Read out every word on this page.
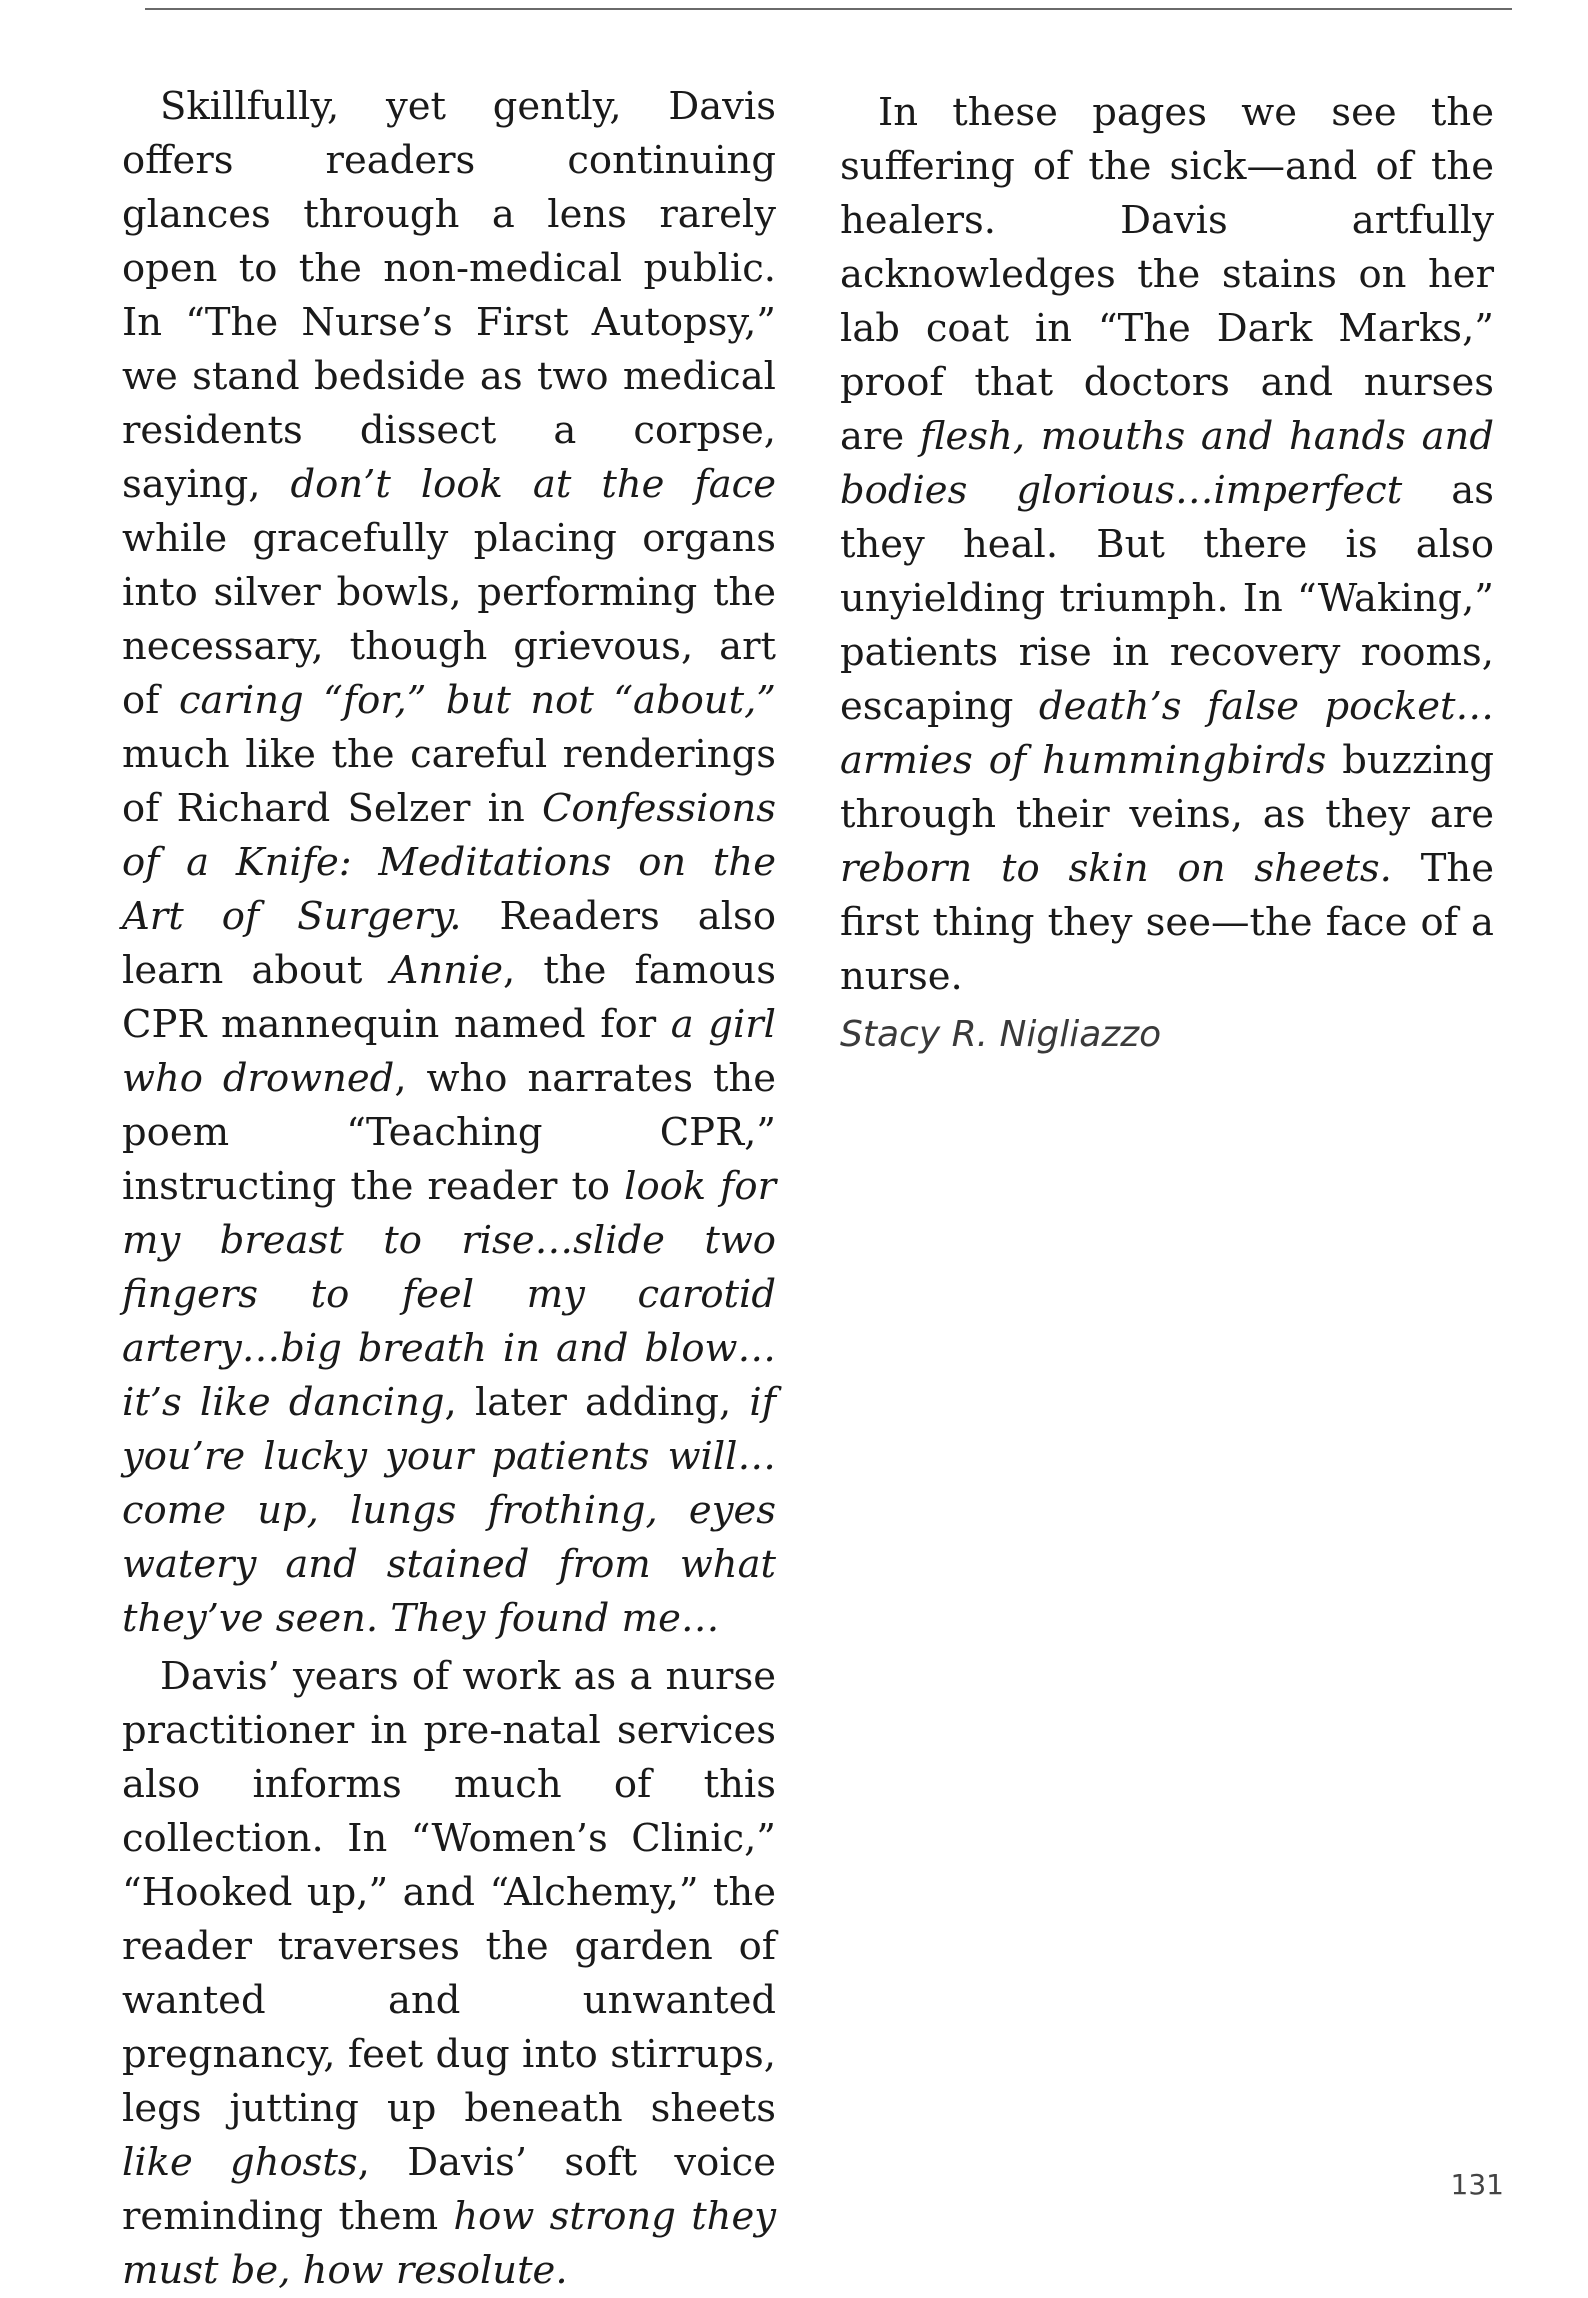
Skillfully, yet gently, Davis offers readers continuing glances through a lens rarely open to the non-medical public. In “The Nurse’s First Autopsy,” we stand bedside as two medical residents dissect a corpse, saying, don’t look at the face while gracefully placing organs into silver bowls, performing the necessary, though grievous, art of caring “for,” but not “about,” much like the careful renderings of Richard Selzer in Confessions of a Knife: Meditations on the Art of Surgery. Readers also learn about Annie, the famous CPR mannequin named for a girl who drowned, who narrates the poem “Teaching CPR,” instructing the reader to look for my breast to rise…slide two fingers to feel my carotid artery…big breath in and blow…it’s like dancing, later adding, if you’re lucky your patients will… come up, lungs frothing, eyes watery and stained from what they’ve seen. They found me…

Davis’ years of work as a nurse practitioner in pre-natal services also informs much of this collection. In “Women’s Clinic,” “Hooked up,” and “Alchemy,” the reader traverses the garden of wanted and unwanted pregnancy, feet dug into stirrups, legs jutting up beneath sheets like ghosts, Davis’ soft voice reminding them how strong they must be, how resolute.

In these pages we see the suffering of the sick—and of the healers. Davis artfully acknowledges the stains on her lab coat in “The Dark Marks,” proof that doctors and nurses are flesh, mouths and hands and bodies glorious…imperfect as they heal. But there is also unyielding triumph. In “Waking,” patients rise in recovery rooms, escaping death’s false pocket… armies of hummingbirds buzzing through their veins, as they are reborn to skin on sheets. The first thing they see—the face of a nurse.

Stacy R. Nigliazzo

131
